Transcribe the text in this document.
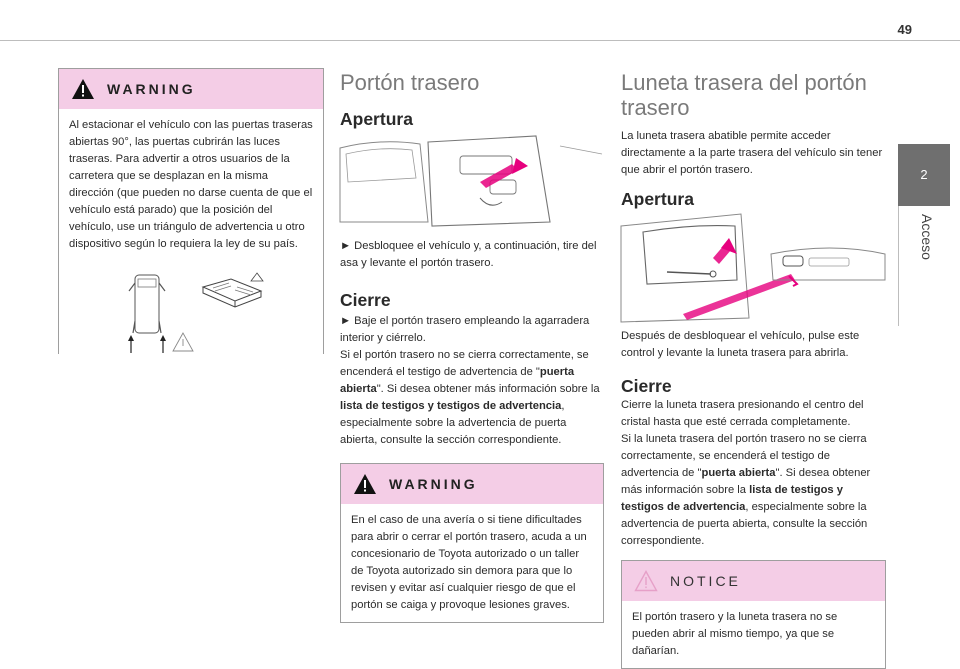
49
2
Acceso
WARNING
Al estacionar el vehículo con las puertas traseras abiertas 90°, las puertas cubrirán las luces traseras. Para advertir a otros usuarios de la carretera que se desplazan en la misma dirección (que pueden no darse cuenta de que el vehículo está parado) que la posición del vehículo, use un triángulo de advertencia u otro dispositivo según lo requiera la ley de su país.
Portón trasero
Apertura

► Desbloquee el vehículo y, a continuación, tire del asa y levante el portón trasero.

Cierre

► Baje el portón trasero empleando la agarradera interior y ciérrelo.

Si el portón trasero no se cierra correctamente, se encenderá el testigo de advertencia de "puerta abierta". Si desea obtener más información sobre la lista de testigos y testigos de advertencia, especialmente sobre la advertencia de puerta abierta, consulte la sección correspondiente.

WARNING
En el caso de una avería o si tiene dificultades para abrir o cerrar el portón trasero, acuda a un concesionario de Toyota autorizado o un taller de Toyota autorizado sin demora para que lo revisen y evitar así cualquier riesgo de que el portón se caiga y provoque lesiones graves.
Luneta trasera del portón trasero

La luneta trasera abatible permite acceder directamente a la parte trasera del vehículo sin tener que abrir el portón trasero.

Apertura

Después de desbloquear el vehículo, pulse este control y levante la luneta trasera para abrirla.

Cierre

Cierre la luneta trasera presionando el centro del cristal hasta que esté cerrada completamente.

Si la luneta trasera del portón trasero no se cierra correctamente, se encenderá el testigo de advertencia de "puerta abierta". Si desea obtener más información sobre la lista de testigos y testigos de advertencia, especialmente sobre la advertencia de puerta abierta, consulte la sección correspondiente.

NOTICE
El portón trasero y la luneta trasera no se pueden abrir al mismo tiempo, ya que se dañarían.
